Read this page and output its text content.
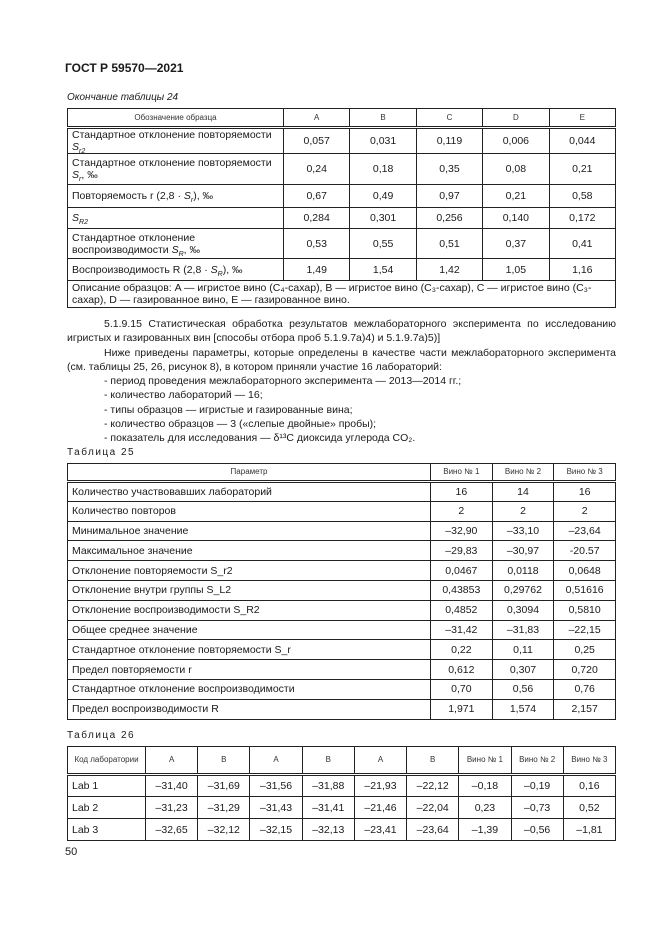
ГОСТ Р 59570—2021
Окончание таблицы 24
Обозначение образца	A	B	C	D	E
Стандартное отклонение повторяемости $S_{r2}$	0,057	0,031	0,119	0,006	0,044
Стандартное отклонение повторяемости $S_r$, ‰	0,24	0,18	0,35	0,08	0,21
Повторяемость r $(2,8 \cdot S_r)$, ‰	0,67	0,49	0,97	0,21	0,58
$S_{R2}$	0,284	0,301	0,256	0,140	0,172
Стандартное отклонение воспроизводимости $S_R$, ‰	0,53	0,55	0,51	0,37	0,41
Воспроизводимость R $(2,8 \cdot S_R)$, ‰	1,49	1,54	1,42	1,05	1,16
Описание образцов: A — игристое вино (C₄-сахар), B — игристое вино (C₃-сахар), C — игристое вино (C₃-сахар), D — газированное вино, E — газированное вино.					
5.1.9.15 Статистическая обработка результатов межлабораторного эксперимента по исследованию игристых и газированных вин [способы отбора проб 5.1.9.7а)4) и 5.1.9.7а)5)]
Ниже приведены параметры, которые определены в качестве части межлабораторного эксперимента (см. таблицы 25, 26, рисунок 8), в котором приняли участие 16 лабораторий:
- период проведения межлабораторного эксперимента — 2013—2014 гг.;
- количество лабораторий — 16;
- типы образцов — игристые и газированные вина;
- количество образцов — 3 («слепые двойные» пробы);
- показатель для исследования — δ¹³C диоксида углерода CO₂.
Таблица 25
Параметр	Вино № 1	Вино № 2	Вино № 3
Количество участвовавших лабораторий	16	14	16
Количество повторов	2	2	2
Минимальное значение	–32,90	–33,10	–23,64
Максимальное значение	–29,83	–30,97	-20.57
Отклонение повторяемости S_r2	0,0467	0,0118	0,0648
Отклонение внутри группы S_L2	0,43853	0,29762	0,51616
Отклонение воспроизводимости S_R2	0,4852	0,3094	0,5810
Общее среднее значение	–31,42	–31,83	–22,15
Стандартное отклонение повторяемости S_r	0,22	0,11	0,25
Предел повторяемости r	0,612	0,307	0,720
Стандартное отклонение воспроизводимости	0,70	0,56	0,76
Предел воспроизводимости R	1,971	1,574	2,157
Таблица 26
Код лаборатории	A	B	A	B	A	B	Вино № 1	Вино № 2	Вино № 3
Lab 1	–31,40	–31,69	–31,56	–31,88	–21,93	–22,12	–0,18	–0,19	0,16
Lab 2	–31,23	–31,29	–31,43	–31,41	–21,46	–22,04	0,23	–0,73	0,52
Lab 3	–32,65	–32,12	–32,15	–32,13	–23,41	–23,64	–1,39	–0,56	–1,81
50
